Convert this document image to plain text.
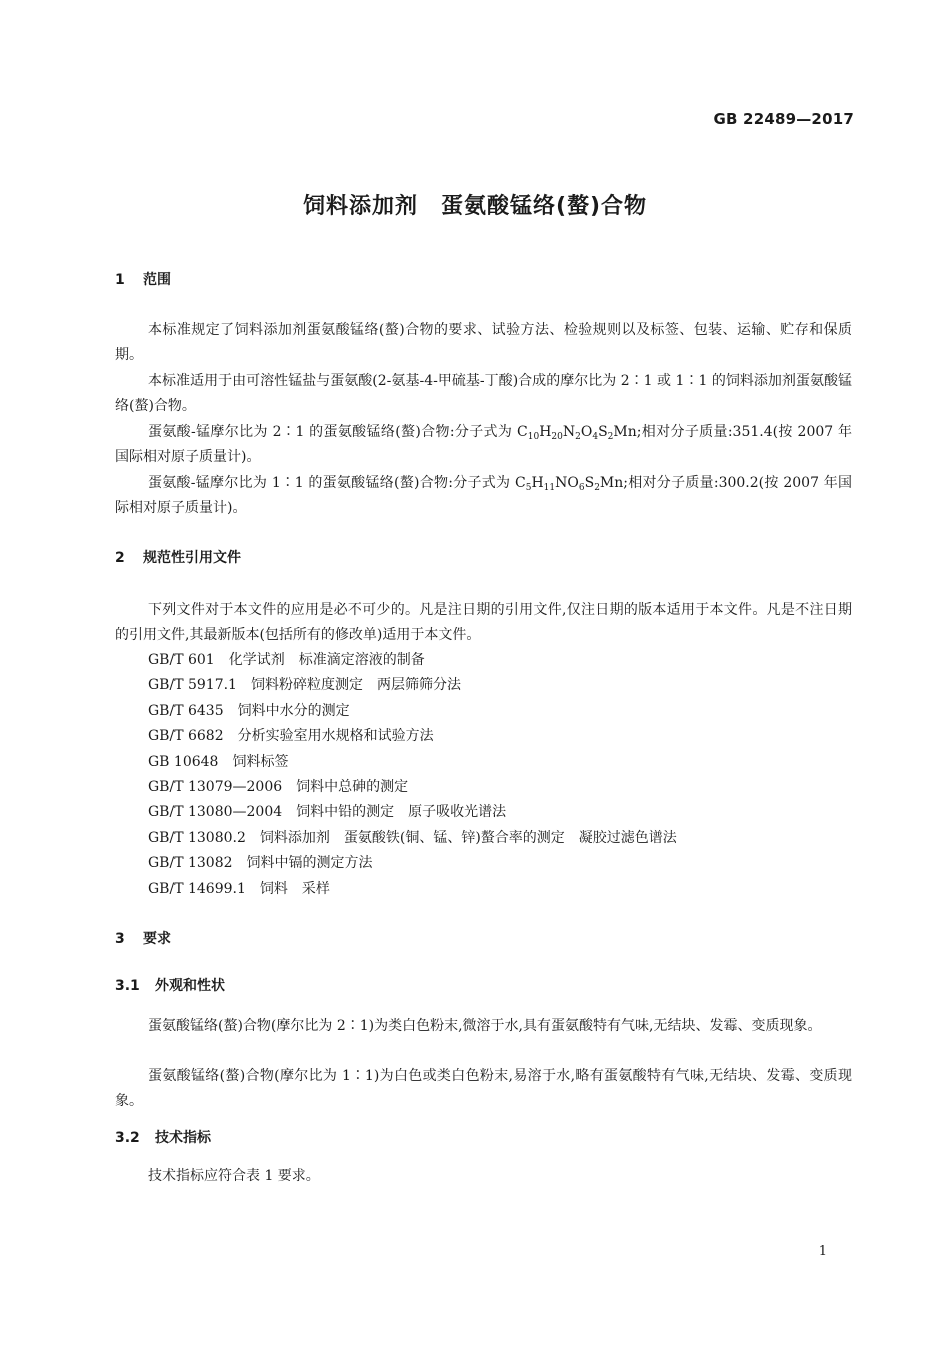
GB 22489—2017
饲料添加剂　蛋氨酸锰络(螯)合物
1 范围
本标准规定了饲料添加剂蛋氨酸锰络(螯)合物的要求、试验方法、检验规则以及标签、包装、运输、贮存和保质期。
本标准适用于由可溶性锰盐与蛋氨酸(2-氨基-4-甲硫基-丁酸)合成的摩尔比为 2∶1 或 1∶1 的饲料添加剂蛋氨酸锰络(螯)合物。
蛋氨酸-锰摩尔比为 2∶1 的蛋氨酸锰络(螯)合物:分子式为 $C_{10}H_{20}N_2O_4S_2Mn$;相对分子质量:351.4(按 2007 年国际相对原子质量计)。
蛋氨酸-锰摩尔比为 1∶1 的蛋氨酸锰络(螯)合物:分子式为 $C_5H_{11}NO_6S_2Mn$;相对分子质量:300.2(按 2007 年国际相对原子质量计)。
2 规范性引用文件
下列文件对于本文件的应用是必不可少的。凡是注日期的引用文件,仅注日期的版本适用于本文件。凡是不注日期的引用文件,其最新版本(包括所有的修改单)适用于本文件。
GB/T 601 化学试剂　标准滴定溶液的制备
GB/T 5917.1 饲料粉碎粒度测定　两层筛筛分法
GB/T 6435 饲料中水分的测定
GB/T 6682 分析实验室用水规格和试验方法
GB 10648 饲料标签
GB/T 13079—2006 饲料中总砷的测定
GB/T 13080—2004 饲料中铅的测定　原子吸收光谱法
GB/T 13080.2 饲料添加剂　蛋氨酸铁(铜、锰、锌)螯合率的测定　凝胶过滤色谱法
GB/T 13082 饲料中镉的测定方法
GB/T 14699.1 饲料　采样
3 要求
3.1 外观和性状
蛋氨酸锰络(螯)合物(摩尔比为 2∶1)为类白色粉末,微溶于水,具有蛋氨酸特有气味,无结块、发霉、变质现象。
蛋氨酸锰络(螯)合物(摩尔比为 1∶1)为白色或类白色粉末,易溶于水,略有蛋氨酸特有气味,无结块、发霉、变质现象。
3.2 技术指标
技术指标应符合表 1 要求。
1
